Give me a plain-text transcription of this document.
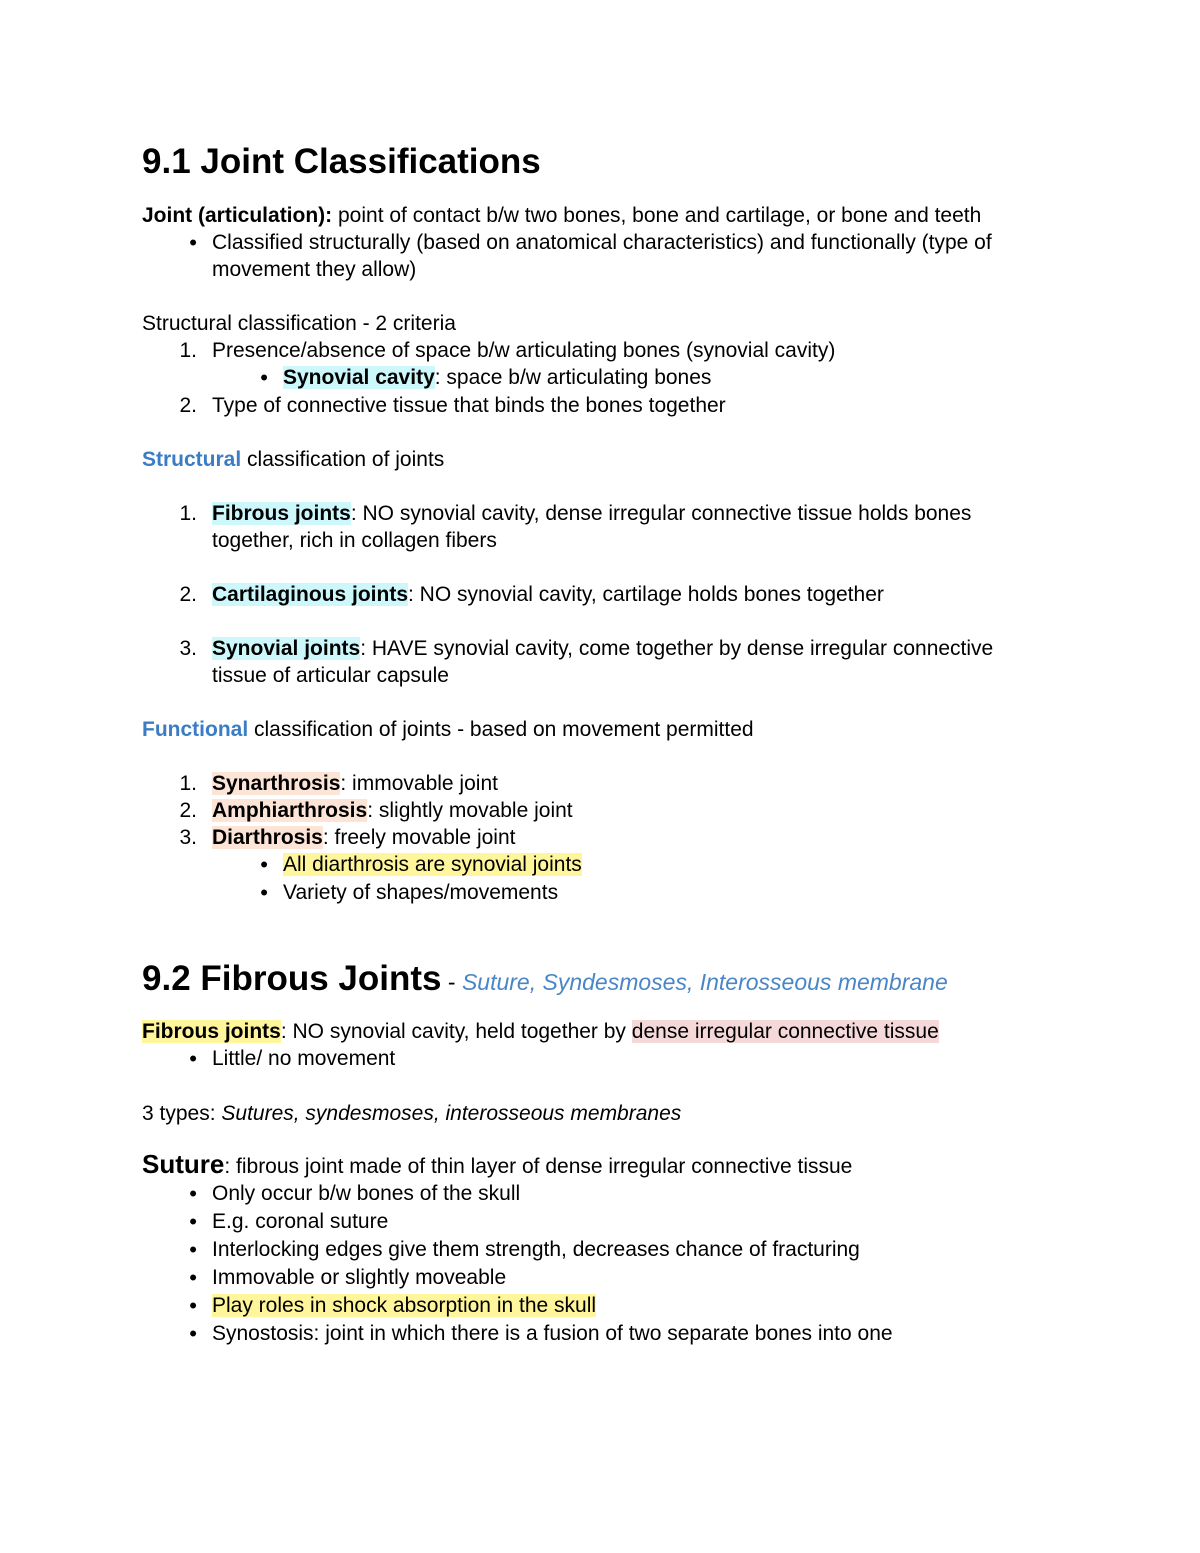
9.1 Joint Classifications

Joint (articulation): point of contact b/w two bones, bone and cartilage, or bone and teeth

•
Classified structurally (based on anatomical characteristics) and functionally (type of movement they allow)

Structural classification - 2 criteria

1. Presence/absence of space b/w articulating bones (synovial cavity)
•
Synovial cavity: space b/w articulating bones
2. Type of connective tissue that binds the bones together

Structural classification of joints

1. Fibrous joints: NO synovial cavity, dense irregular connective tissue holds bones together, rich in collagen fibers
2. Cartilaginous joints: NO synovial cavity, cartilage holds bones together
3. Synovial joints: HAVE synovial cavity, come together by dense irregular connective tissue of articular capsule

Functional classification of joints - based on movement permitted

1. Synarthrosis: immovable joint
2. Amphiarthrosis: slightly movable joint
3. Diarthrosis: freely movable joint
•
All diarthrosis are synovial joints
•
Variety of shapes/movements
9.2 Fibrous Joints - Suture, Syndesmoses, Interosseous membrane

Fibrous joints: NO synovial cavity, held together by dense irregular connective tissue

•
Little/ no movement

3 types: Sutures, syndesmoses, interosseous membranes

Suture: fibrous joint made of thin layer of dense irregular connective tissue

•
Only occur b/w bones of the skull
•
E.g. coronal suture
•
Interlocking edges give them strength, decreases chance of fracturing
•
Immovable or slightly moveable
•
Play roles in shock absorption in the skull
•
Synostosis: joint in which there is a fusion of two separate bones into one
